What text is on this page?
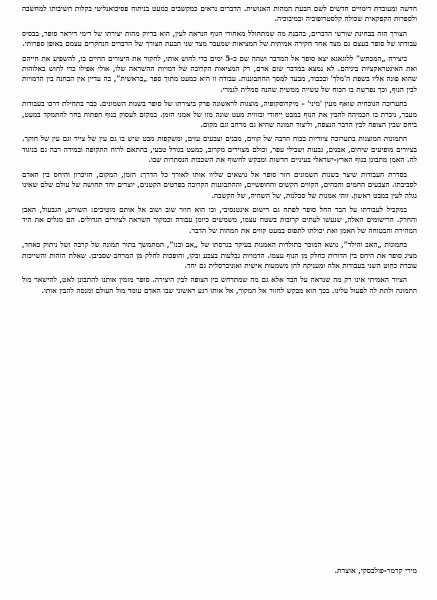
חדשה ומעובדת דימויים חדשים לשם הבעת המהות האנושית. הדברים נראים כמקשבים כמעט בניתוח פסיכואנליטי בקלות חשיבותו למחשבה ולספרות הקפקאית שכולה קלסטרופוביה ובמיבוכיה.

הצורך הזה בבחינת שורשי הדברים, בהבנת מה שמתחולל מאחורי הגוף הנראה לעין, הוא בדיוק מהות יצירתו של דימי דיראר סופר, בבסיס עבודתו של סופר בעצם גם מצד אחד חקירה אמיתית של המציאות שמעבר מצד שני הבעת הצורך של הדברים הנחקרים עצמם באופן ספרותי.

ביצירה „המכתש” ללוגאגא יצא סופר אל המדבר ושהה שם כ-5 ימים כדי לחוש אותו, לחקור את היצורים החיים בו, להשפיע את חייהם ואת האינטראקציות ביניהם. לא נמצא במדבר שום אדם, רק המציאות הקרובה של דמויות ההשראה שלו, אולי אפילו כדי לחוש באלוהות שהוא פונה אליו בשפת ה'מלך' ובכבוד, מבעד למסך ההתבוננות. עבודה זו היא כמעט מתוך ספר „בראשית”, בה עדיין אין הבחנה בין הדמויות לבין הנוף, וכך נפרשת בו הכוח של עשייה ממשית שהנה סמלית לגמרי.

בתערוכה הנוכחית שואף מעין 'מיני' – מיקרוסקופיה, מוצגות לראשונה פרק ביצירתו של סופר בשנות השמונים. כבר בתחילת דרכו בעבודות מעבר, ניכרת בו הכמיהה להבין את הנוף במבט ייחודי ובזווית מעט שונה מזו של אמני הזמן. במקום לעסוק בנוף הפתוח בחר להתמקד במעט, ביחס שבין הצופה לבין הדבר הנצפה, וליצור תמונה שהיא גם מרחב וגם מקום.

התמונות המוצגות בתערוכה ציוריות בכוח הרבה של קווים, מבנים וצבעים עזים, ומשקפות מבט שיש בו גם עין של צייר וגם עין של חוקר. בציורים מופיעים שיחים, אבנים, גבעות ושבילי עפר, וכולם מצוירים מקרוב, כמעט בגודל טבעי, בהתאם לרוח התקופה ובמידה רבה גם בניגוד לה. האמן מתבונן בנוף הארץ-ישראלי בעיניים חדשות ומבקש לחשוף את השכבות הנסתרות שבו.

בסדרת העבודות שיצר בשנות השמונים חזר סופר אל נושאים שליוו אותו לאורך כל הדרך: הזמן, המקום, הזיכרון והיחס בין האדם לסביבתו. הצבעים החמים והכהים, הקווים הקשים והחופשיים, וההתבוננות הקרובה בפרטים הקטנים, יוצרים יחד תחושה של עולם שלם שאינו נגלה לעין במבט ראשון. זוהי אמנות של סבלנות, של השהיה, של הקשבה.

במקביל לעבודתו על הבד החל סופר לפתח גם רישום אינטנסיבי, ובו הוא חוזר שוב ושוב אל אותם מוטיבים: השורש, הגבעול, האבן והחרק. הרישומים האלה, שנעשו לעתים קרובות בשטח עצמו, משמשים כיומן עבודה וכמקור השראה לציורים הגדולים. הם מגלים את היד המהירה והבטוחה של האמן ואת יכולתו לתפוס במעט קווים את המהות של הדבר.

בתמונות „האב והילד”, נושא המוכר בתולדות האמנות בעיקר בגרסתו של „אב ובנו”, המתמשך בתור תמונה של קרבה ושל ניתוק כאחד, מציג סופר את היחס בין הדורות כחלק מן הנוף עצמו. הדמויות נבלעות בצבע ובקו, והופכות לחלק מן המרחב שסביבן. שאלת הזהות והשייכות עוברת כחוט השני בעבודות אלה ומעניקה להן משמעות אישית ואוניברסלית גם יחד.

הציור האמיתי אינו רק מה שנראה על הבד אלא גם מה שמתרחש בין הצופה לבין היצירה. סופר מזמין אותנו להתבונן לאט, להישאר מול התמונה ולתת לה לפעול עלינו. בכך הוא מבקש לחזור אל המקור, אל אותו רגע ראשוני שבו האדם עומד מול העולם ומנסה להבין אותו.

מירי קרמר-פולבסקי, אוצרת.
